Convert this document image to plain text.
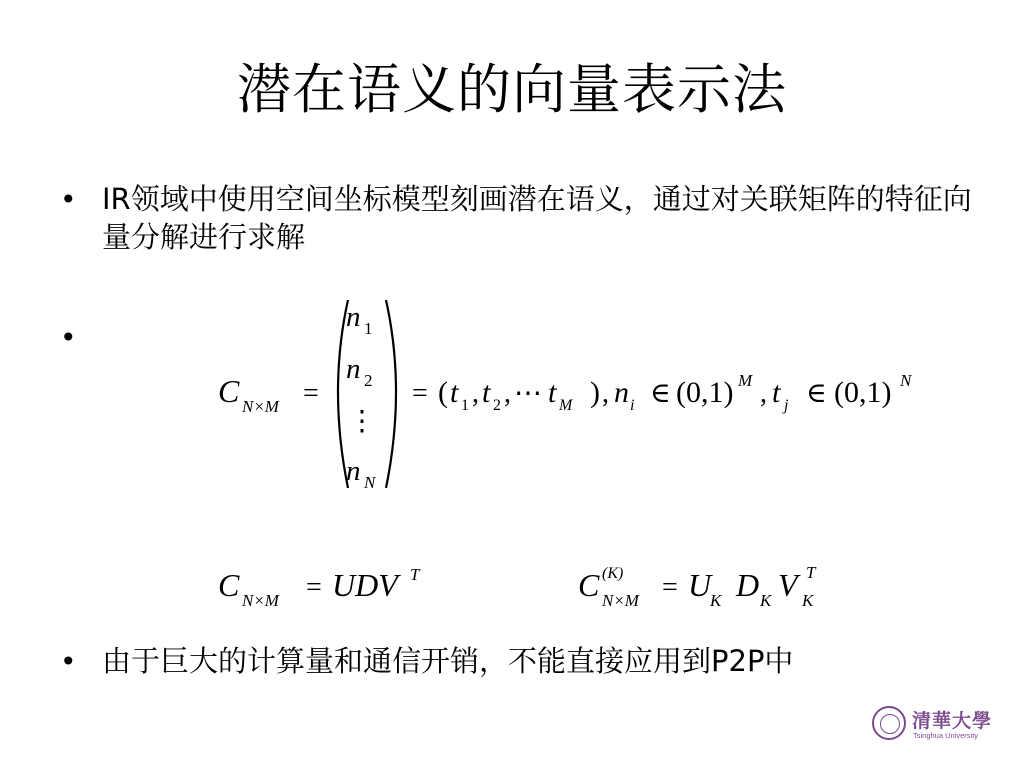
潜在语义的向量表示法
• IR领域中使用空间坐标模型刻画潜在语义，通过对关联矩阵的特征向量分解进行求解
•
C N×M =
n 1
n 2
⋮
n N
= ( t 1 , t 2 , ⋯ t M ) , n i ∈ (0,1) M , t j ∈ (0,1) N
C N×M = UDV T	C (K)
N×M = U
K D K V K
T
• 由于巨大的计算量和通信开销，不能直接应用到P2P中
清華大學
Tsinghua University
